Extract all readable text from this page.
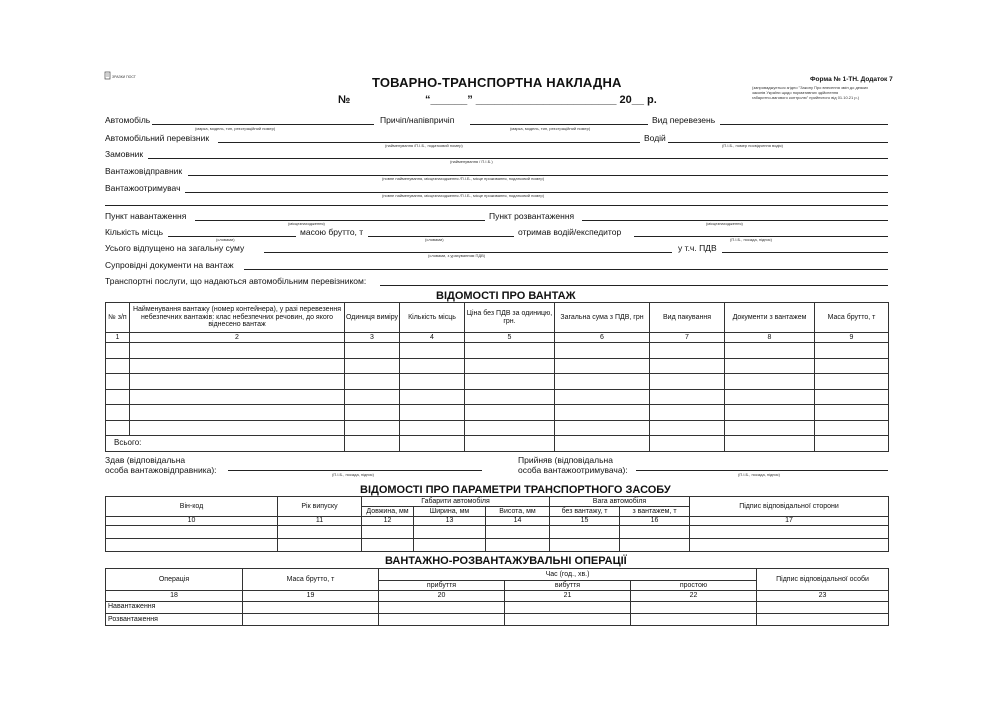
ЗРАЗКИ ПОСТ	ТОВАРНО-ТРАНСПОРТНА НАКЛАДНА
№	“______” _______________________ 20__ р.
Форма № 1-ТН. Додаток 7
(запроваджується згідно "Закону Про внесення змін до деяких
законів України щодо нормативних здійснення
габаритно-вагового контролю" прийнятого від 01.10.21 р.)
Автомобіль
(марка, модель, тип, реєстраційний номер)
Причіп/напівпричіп
(марка, модель, тип, реєстраційний номер)
Вид перевезень
Автомобільний перевізник
(найменування /П.І.Б., податковий номер)
Водій
(П.І.Б., номер посвідчення водія)
Замовник
(найменування / П.І.Б.)
Вантажовідправник
(повне найменування, місцезнаходження /П.І.Б., місце проживання, податковий номер)
Вантажоотримувач
(повне найменування, місцезнаходження /П.І.Б., місце проживання, податковий номер)
Пункт навантаження
(місцезнаходження)
Пункт розвантаження
(місцезнаходження)
Кількість місць
(словами)
масою брутто, т
(словами)
отримав водій/експедитор
(П.І.Б., посада, підпис)
Усього відпущено на загальну суму
(словами, з урахуванням ПДВ)
у т.ч. ПДВ
Супровідні документи на вантаж
Транспортні послуги, що надаються автомобільним перевізником:
ВІДОМОСТІ ПРО ВАНТАЖ
№ з/п	Найменування вантажу (номер контейнера), у разі перевезення небезпечних вантажів: клас небезпечних речовин, до якого віднесено вантаж	Одиниця виміру	Кількість місць	Ціна без ПДВ за одиницю, грн.	Загальна сума з ПДВ, грн	Вид пакування	Документи з вантажем	Маса брутто, т
1	2	3	4	5	6	7	8	9

Всього:								
Здав (відповідальна
особа вантажовідправника):	(П.І.Б., посада, підпис)
Прийняв (відповідальна
особа вантажоотримувача):	(П.І.Б., посада, підпис)
ВІДОМОСТІ ПРО ПАРАМЕТРИ ТРАНСПОРТНОГО ЗАСОБУ
Він-код	Рік випуску	Габарити автомобіля			Вага автомобіля		Підпис відповідальної сторони
		Довжина, мм	Ширина, мм	Висота, мм	без вантажу, т	з вантажем, т	
10	11	12	13	14	15	16	17

ВАНТАЖНО-РОЗВАНТАЖУВАЛЬНІ ОПЕРАЦІЇ
Операція	Маса брутто, т	Час (год., хв.)			Підпис відповідальної особи
		прибуття	вибуття	простою	
18	19	20	21	22	23
Навантаження					
Розвантаження					
